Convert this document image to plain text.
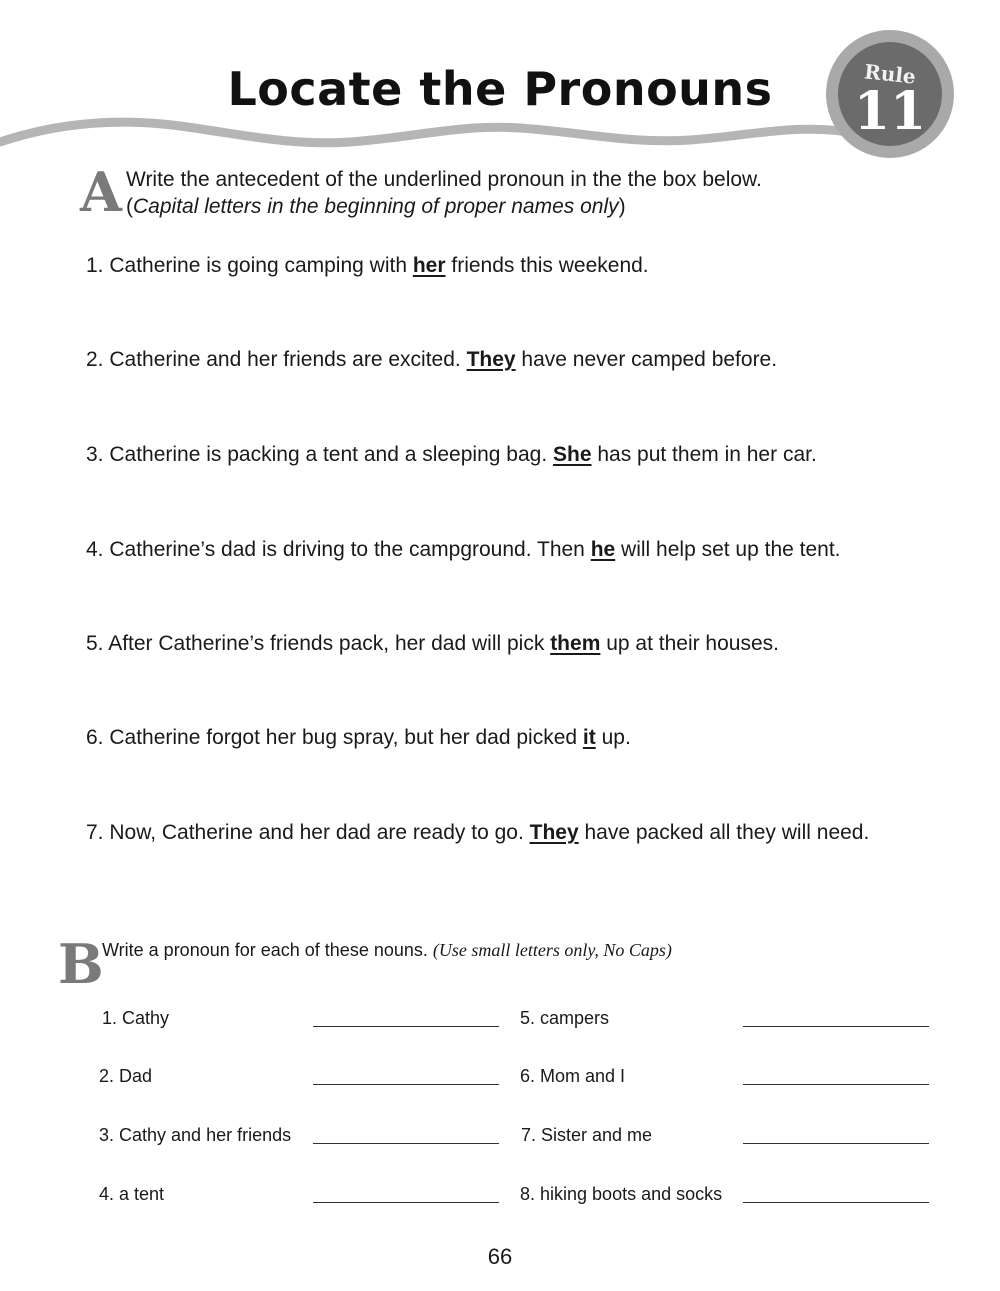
Locate the Pronouns	Rule
11
A Write the antecedent of the underlined pronoun in the the box below.
(Capital letters in the beginning of proper names only)
1. Catherine is going camping with her friends this weekend.
2. Catherine and her friends are excited. They have never camped before.
3. Catherine is packing a tent and a sleeping bag. She has put them in her car.
4. Catherine’s dad is driving to the campground. Then he will help set up the tent.
5. After Catherine’s friends pack, her dad will pick them up at their houses.
6. Catherine forgot her bug spray, but her dad picked it up.
7. Now, Catherine and her dad are ready to go. They have packed all they will need.
B
Write a pronoun for each of these nouns. (Use small letters only, No Caps)
1. Cathy	5. campers
2. Dad	6. Mom and I
3. Cathy and her friends	7. Sister and me
4. a tent	8. hiking boots and socks
66
